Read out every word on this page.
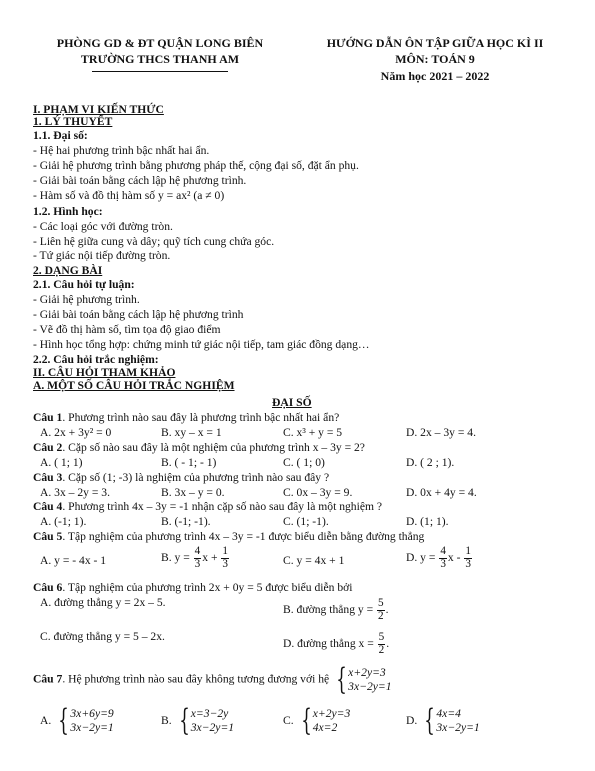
PHÒNG GD & ĐT QUẬN LONG BIÊN
TRƯỜNG THCS THANH AM
HƯỚNG DẪN ÔN TẬP GIỮA HỌC KÌ II
MÔN: TOÁN 9
Năm học 2021 – 2022
I. PHẠM VI KIẾN THỨC
1. LÝ THUYẾT
1.1. Đại số:
- Hệ hai phương trình bậc nhất hai ẩn.
- Giải hệ phương trình bằng phương pháp thế, cộng đại số, đặt ẩn phụ.
- Giải bài toán bằng cách lập hệ phương trình.
- Hàm số và đồ thị hàm số y = ax² (a ≠ 0)
1.2. Hình học:
- Các loại góc với đường tròn.
- Liên hệ giữa cung và dây; quỹ tích cung chứa góc.
- Tứ giác nội tiếp đường tròn.
2. DẠNG BÀI
2.1. Câu hỏi tự luận:
- Giải hệ phương trình.
- Giải bài toán bằng cách lập hệ phương trình
- Vẽ đồ thị hàm số, tìm tọa độ giao điểm
- Hình học tổng hợp: chứng minh tứ giác nội tiếp, tam giác đồng dạng…
2.2. Câu hỏi trắc nghiệm:
II. CÂU HỎI THAM KHẢO
A. MỘT SỐ CÂU HỎI TRẮC NGHIỆM
ĐẠI SỐ
Câu 1. Phương trình nào sau đây là phương trình bậc nhất hai ẩn?
A. 2x + 3y² = 0	B. xy – x = 1	C. x³ + y = 5	D. 2x – 3y = 4.
Câu 2. Cặp số nào sau đây là một nghiệm của phương trình x – 3y = 2?
A. ( 1; 1)	B. ( - 1; - 1)	C. ( 1; 0)	D. ( 2 ; 1).
Câu 3. Cặp số (1; -3) là nghiệm của phương trình nào sau đây ?
A. 3x – 2y = 3.	B. 3x – y = 0.	C. 0x – 3y = 9.	D. 0x + 4y = 4.
Câu 4. Phương trình 4x – 3y = -1 nhận cặp số nào sau đây là một nghiệm ?
A. (-1; 1).	B. (-1; -1).	C. (1; -1).	D. (1; 1).
Câu 5. Tập nghiệm của phương trình 4x – 3y = -1 được biểu diễn bằng đường thẳng
A. y = - 4x - 1	B. $y = \frac{4}{3}$ $x + \frac{1}{3}$	C. y = 4x + 1	D. $y = \frac{4}{3}$ x - $\frac{1}{3}$
Câu 6. Tập nghiệm của phương trình 2x + 0y = 5 được biểu diễn bởi
A. đường thẳng y = 2x – 5.
B. đường thẳng $y = \frac{5}{2}$ .
C. đường thẳng y = 5 – 2x.
D. đường thẳng $x = \frac{5}{2}$ .
Câu 7. Hệ phương trình nào sau đây không tương đương với hệ { x+2y=3
3x−2y=1
A. { 3x+6y=9
3x−2y=1
B. { x=3−2y
3x−2y=1
C. { x+2y=3
4x=2
D. { 4x=4
3x−2y=1
